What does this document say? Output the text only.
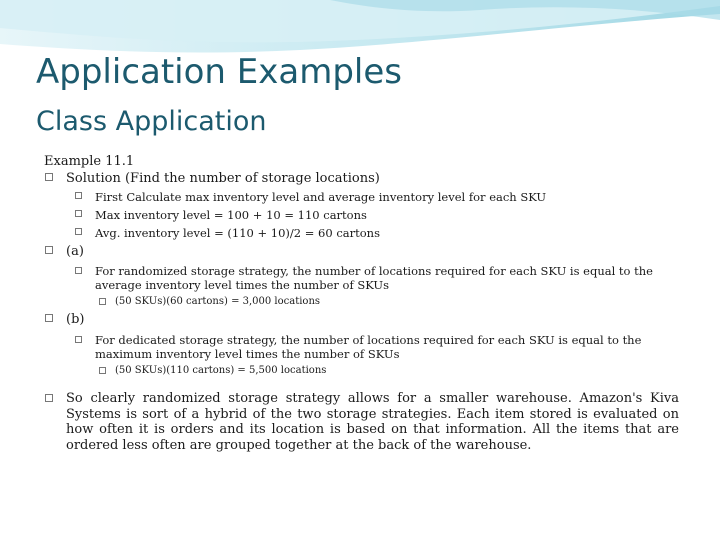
Application Examples
Class Application
Example 11.1
Solution (Find the number of storage locations)
First Calculate max inventory level and average inventory level for each SKU
Max inventory level = 100 + 10 = 110 cartons
Avg. inventory level = (110 + 10)/2 = 60 cartons
(a)
For randomized storage strategy, the number of locations required for each SKU is equal to the average inventory level times the number of SKUs
(50 SKUs)(60 cartons) = 3,000 locations
(b)
For dedicated storage strategy, the number of locations required for each SKU is equal to the maximum inventory level times the number of SKUs
(50 SKUs)(110 cartons) = 5,500 locations
So clearly randomized storage strategy allows for a smaller warehouse. Amazon's Kiva Systems is sort of a hybrid of the two storage strategies. Each item stored is evaluated on how often it is orders and its location is based on that information. All the items that are ordered less often are grouped together at the back of the warehouse.
